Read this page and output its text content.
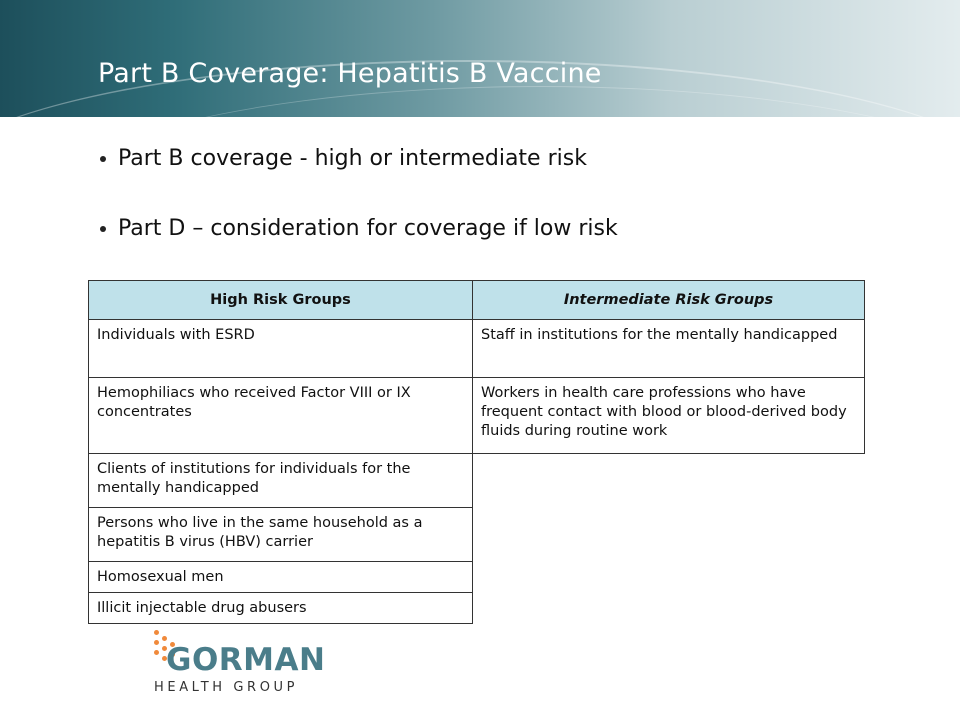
Part B Coverage: Hepatitis B Vaccine
Part B coverage - high or intermediate risk
Part D – consideration for coverage if low risk
High Risk Groups	Intermediate Risk Groups
Individuals with ESRD	Staff in institutions for the mentally handicapped
Hemophiliacs who received Factor VIII or IX concentrates	Workers in health care professions who have frequent contact with blood or blood-derived body fluids during routine work
Clients of institutions for individuals for the mentally handicapped	
Persons who live in the same household as a hepatitis B virus (HBV) carrier	
Homosexual men	
Illicit injectable drug abusers	

GORMAN

HEALTH GROUP
